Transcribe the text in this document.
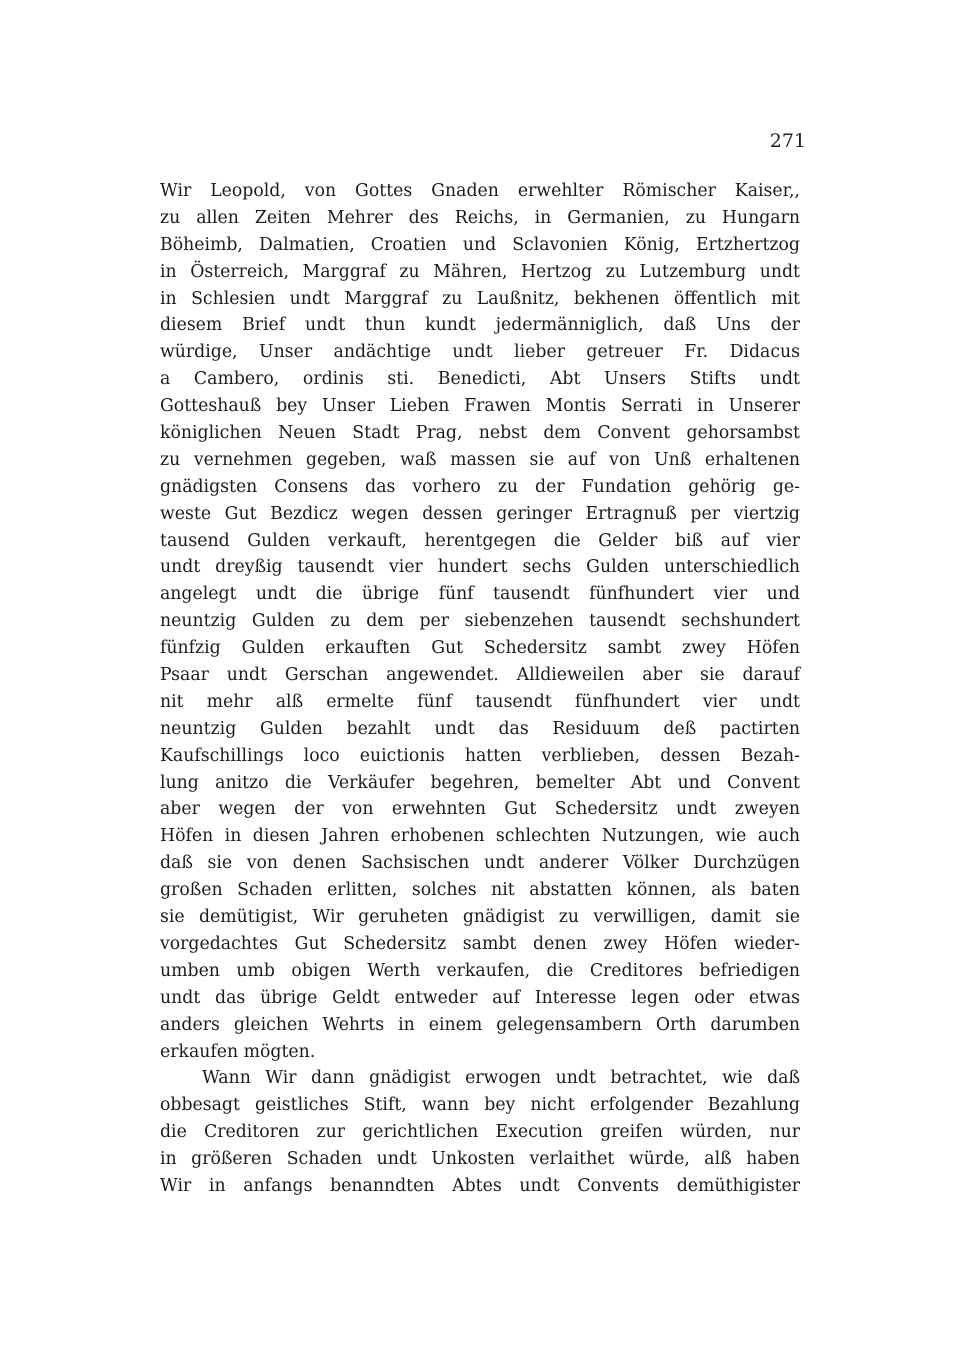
271
Wir Leopold, von Gottes Gnaden erwehlter Römischer Kaiser,,
zu allen Zeiten Mehrer des Reichs, in Germanien, zu Hungarn
Böheimb, Dalmatien, Croatien und Sclavonien König, Ertzhertzog
in Österreich, Marggraf zu Mähren, Hertzog zu Lutzemburg undt
in Schlesien undt Marggraf zu Laußnitz, bekhenen öffentlich mit
diesem Brief undt thun kundt jedermänniglich, daß Uns der
würdige, Unser andächtige undt lieber getreuer Fr. Didacus
a Cambero, ordinis sti. Benedicti, Abt Unsers Stifts undt
Gotteshauß bey Unser Lieben Frawen Montis Serrati in Unserer
königlichen Neuen Stadt Prag, nebst dem Convent gehorsambst
zu vernehmen gegeben, waß massen sie auf von Unß erhaltenen
gnädigsten Consens das vorhero zu der Fundation gehörig ge-
weste Gut Bezdicz wegen dessen geringer Ertragnuß per viertzig
tausend Gulden verkauft, herentgegen die Gelder biß auf vier
undt dreyßig tausendt vier hundert sechs Gulden unterschiedlich
angelegt undt die übrige fünf tausendt fünfhundert vier und
neuntzig Gulden zu dem per siebenzehen tausendt sechshundert
fünfzig Gulden erkauften Gut Schedersitz sambt zwey Höfen
Psaar undt Gerschan angewendet. Alldieweilen aber sie darauf
nit mehr alß ermelte fünf tausendt fünfhundert vier undt
neuntzig Gulden bezahlt undt das Residuum deß pactirten
Kaufschillings loco euictionis hatten verblieben, dessen Bezah-
lung anitzo die Verkäufer begehren, bemelter Abt und Convent
aber wegen der von erwehnten Gut Schedersitz undt zweyen
Höfen in diesen Jahren erhobenen schlechten Nutzungen, wie auch
daß sie von denen Sachsischen undt anderer Völker Durchzügen
großen Schaden erlitten, solches nit abstatten können, als baten
sie demütigist, Wir geruheten gnädigist zu verwilligen, damit sie
vorgedachtes Gut Schedersitz sambt denen zwey Höfen wieder-
umben umb obigen Werth verkaufen, die Creditores befriedigen
undt das übrige Geldt entweder auf Interesse legen oder etwas
anders gleichen Wehrts in einem gelegensambern Orth darumben
erkaufen mögten.
Wann Wir dann gnädigist erwogen undt betrachtet, wie daß
obbesagt geistliches Stift, wann bey nicht erfolgender Bezahlung
die Creditoren zur gerichtlichen Execution greifen würden, nur
in größeren Schaden undt Unkosten verlaithet würde, alß haben
Wir in anfangs benanndten Abtes undt Convents demüthigister
